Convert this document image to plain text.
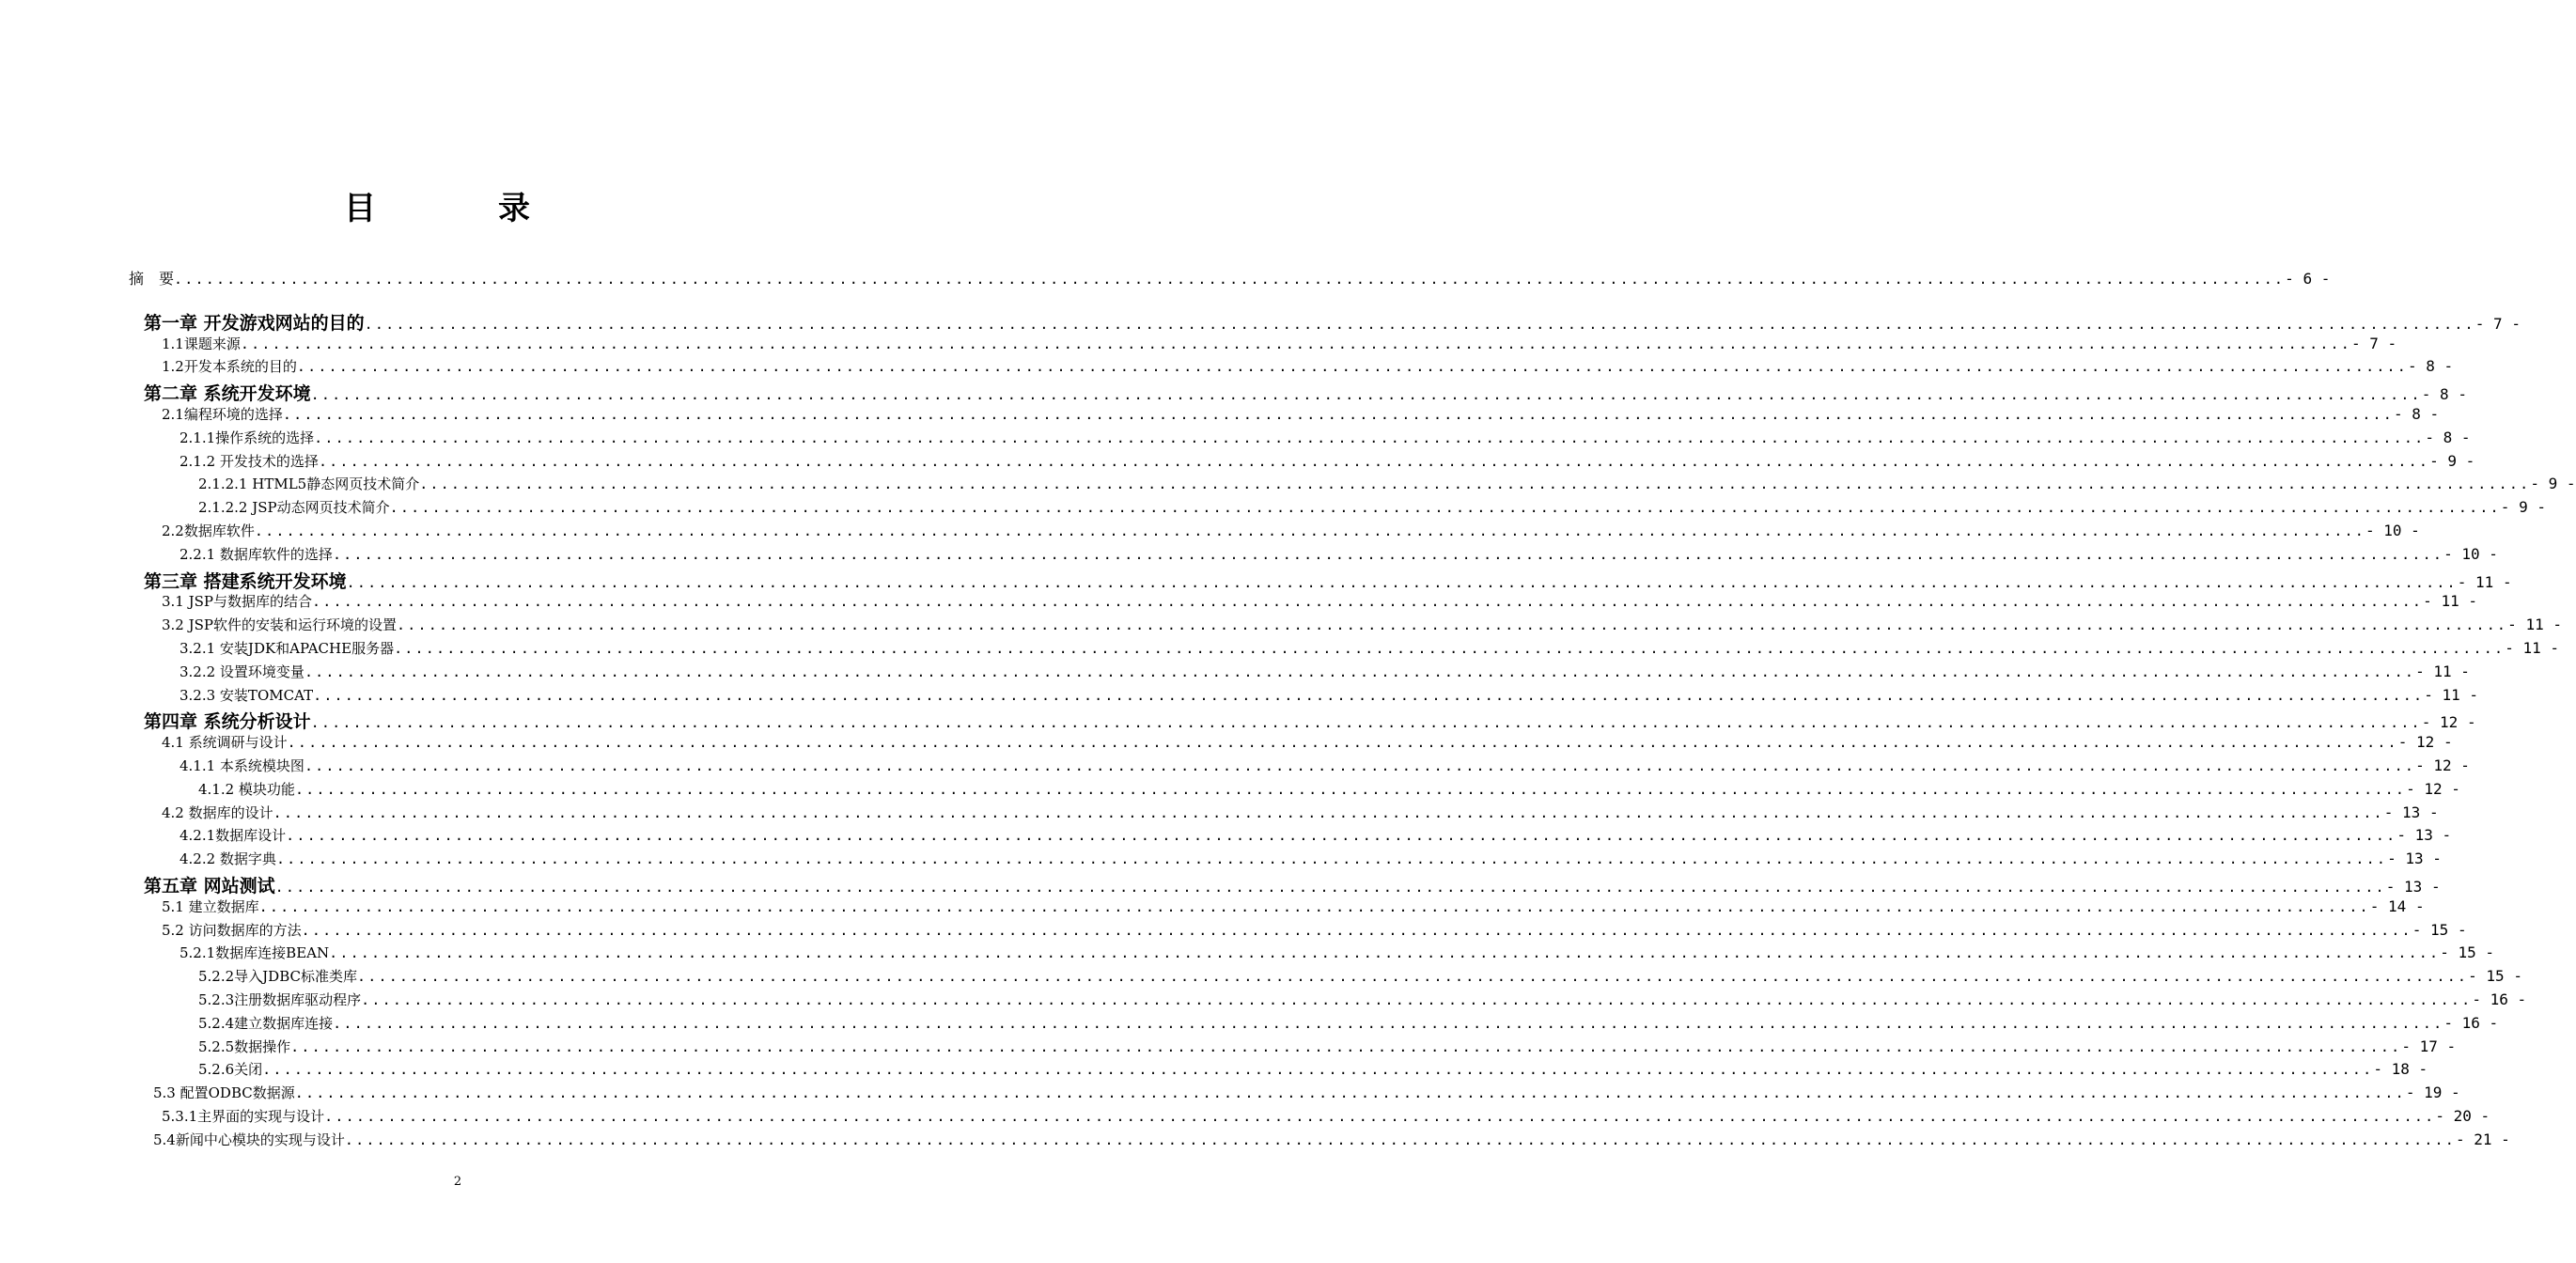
目　录
摘　要 ........................................................................................................................................................................................................ - 6 -
第一章 开发游戏网站的目的 ........................................................................................................................................................................................................ - 7 -
1.1课题来源 ........................................................................................................................................................................................................ - 7 -
1.2开发本系统的目的 ........................................................................................................................................................................................................ - 8 -
第二章 系统开发环境 ........................................................................................................................................................................................................ - 8 -
2.1编程环境的选择 ........................................................................................................................................................................................................ - 8 -
2.1.1操作系统的选择 ........................................................................................................................................................................................................ - 8 -
2.1.2 开发技术的选择 ........................................................................................................................................................................................................ - 9 -
2.1.2.1 HTML5静态网页技术简介 ........................................................................................................................................................................................................ - 9 -
2.1.2.2 JSP动态网页技术简介 ........................................................................................................................................................................................................ - 9 -
2.2数据库软件 ........................................................................................................................................................................................................ - 10 -
2.2.1 数据库软件的选择 ........................................................................................................................................................................................................ - 10 -
第三章 搭建系统开发环境 ........................................................................................................................................................................................................ - 11 -
3.1 JSP与数据库的结合 ........................................................................................................................................................................................................ - 11 -
3.2 JSP软件的安装和运行环境的设置 ........................................................................................................................................................................................................ - 11 -
3.2.1 安装JDK和APACHE服务器 ........................................................................................................................................................................................................ - 11 -
3.2.2 设置环境变量 ........................................................................................................................................................................................................ - 11 -
3.2.3 安装TOMCAT ........................................................................................................................................................................................................ - 11 -
第四章 系统分析设计 ........................................................................................................................................................................................................ - 12 -
4.1 系统调研与设计 ........................................................................................................................................................................................................ - 12 -
4.1.1 本系统模块图 ........................................................................................................................................................................................................ - 12 -
4.1.2 模块功能 ........................................................................................................................................................................................................ - 12 -
4.2 数据库的设计 ........................................................................................................................................................................................................ - 13 -
4.2.1数据库设计 ........................................................................................................................................................................................................ - 13 -
4.2.2 数据字典 ........................................................................................................................................................................................................ - 13 -
第五章 网站测试 ........................................................................................................................................................................................................ - 13 -
5.1 建立数据库 ........................................................................................................................................................................................................ - 14 -
5.2 访问数据库的方法 ........................................................................................................................................................................................................ - 15 -
5.2.1数据库连接BEAN ........................................................................................................................................................................................................ - 15 -
5.2.2导入JDBC标准类库 ........................................................................................................................................................................................................ - 15 -
5.2.3注册数据库驱动程序 ........................................................................................................................................................................................................ - 16 -
5.2.4建立数据库连接 ........................................................................................................................................................................................................ - 16 -
5.2.5数据操作 ........................................................................................................................................................................................................ - 17 -
5.2.6关闭 ........................................................................................................................................................................................................ - 18 -
5.3 配置ODBC数据源 ........................................................................................................................................................................................................ - 19 -
5.3.1主界面的实现与设计 ........................................................................................................................................................................................................ - 20 -
5.4新闻中心模块的实现与设计 ........................................................................................................................................................................................................ - 21 -
2
